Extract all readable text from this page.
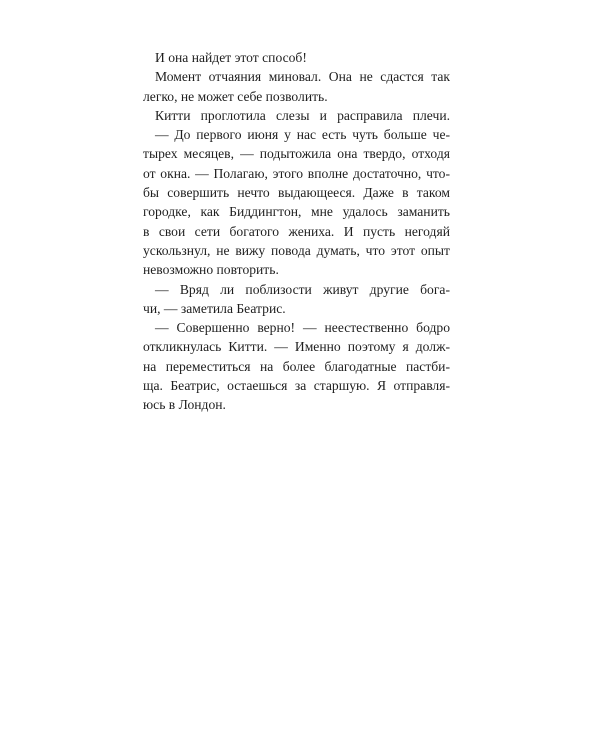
И она найдет этот способ!
Момент отчаяния миновал. Она не сдастся так
легко, не может себе позволить.
Китти проглотила слезы и расправила плечи.
— До первого июня у нас есть чуть больше че-
тырех месяцев, — подытожила она твердо, отходя
от окна. — Полагаю, этого вполне достаточно, что-
бы совершить нечто выдающееся. Даже в таком
городке, как Биддингтон, мне удалось заманить
в свои сети богатого жениха. И пусть негодяй
ускользнул, не вижу повода думать, что этот опыт
невозможно повторить.
— Вряд ли поблизости живут другие богa-
чи, — заметила Беатрис.
— Совершенно верно! — неестественно бодро
откликнулась Китти. — Именно поэтому я долж-
на переместиться на более благодатные пастби-
ща. Беатрис, остаешься за старшую. Я отправля-
юсь в Лондон.
